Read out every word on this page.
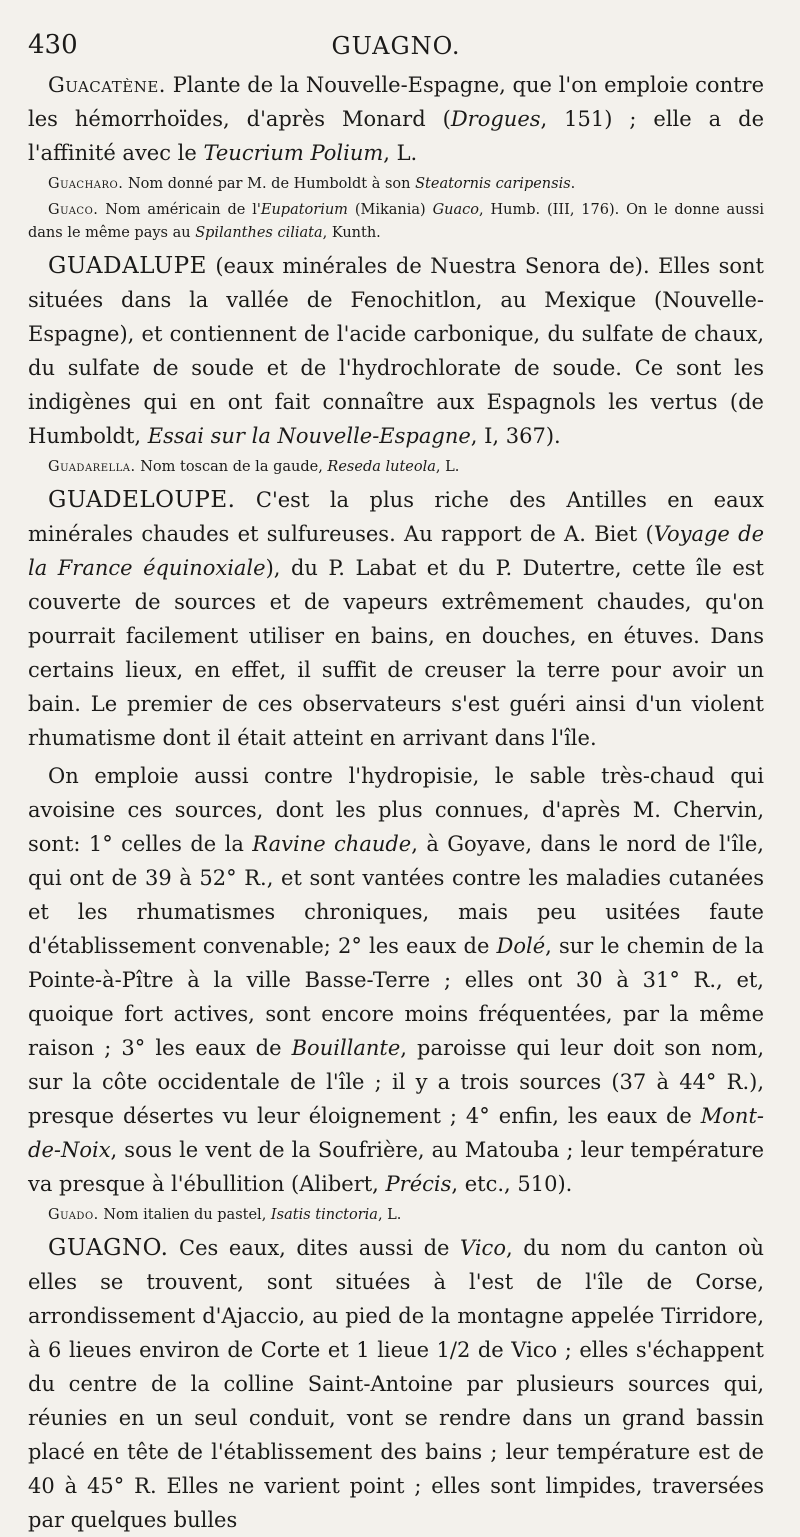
430	GUAGNO.

Guacatène. Plante de la Nouvelle-Espagne, que l'on emploie contre les hémorrhoïdes, d'après Monard (Drogues, 151) ; elle a de l'affinité avec le Teucrium Polium, L.

Guacharo. Nom donné par M. de Humboldt à son Steatornis caripensis.

Guaco. Nom américain de l'Eupatorium (Mikania) Guaco, Humb. (III, 176). On le donne aussi dans le même pays au Spilanthes ciliata, Kunth.

GUADALUPE (eaux minérales de Nuestra Senora de). Elles sont situées dans la vallée de Fenochitlon, au Mexique (Nouvelle-Espagne), et contiennent de l'acide carbonique, du sulfate de chaux, du sulfate de soude et de l'hydrochlorate de soude. Ce sont les indigènes qui en ont fait connaître aux Espagnols les vertus (de Humboldt, Essai sur la Nouvelle-Espagne, I, 367).

Guadarella. Nom toscan de la gaude, Reseda luteola, L.

GUADELOUPE. C'est la plus riche des Antilles en eaux minérales chaudes et sulfureuses. Au rapport de A. Biet (Voyage de la France équinoxiale), du P. Labat et du P. Dutertre, cette île est couverte de sources et de vapeurs extrêmement chaudes, qu'on pourrait facilement utiliser en bains, en douches, en étuves. Dans certains lieux, en effet, il suffit de creuser la terre pour avoir un bain. Le premier de ces observateurs s'est guéri ainsi d'un violent rhumatisme dont il était atteint en arrivant dans l'île.

On emploie aussi contre l'hydropisie, le sable très-chaud qui avoisine ces sources, dont les plus connues, d'après M. Chervin, sont: 1° celles de la Ravine chaude, à Goyave, dans le nord de l'île, qui ont de 39 à 52° R., et sont vantées contre les maladies cutanées et les rhumatismes chroniques, mais peu usitées faute d'établissement convenable; 2° les eaux de Dolé, sur le chemin de la Pointe-à-Pître à la ville Basse-Terre ; elles ont 30 à 31° R., et, quoique fort actives, sont encore moins fréquentées, par la même raison ; 3° les eaux de Bouillante, paroisse qui leur doit son nom, sur la côte occidentale de l'île ; il y a trois sources (37 à 44° R.), presque désertes vu leur éloignement ; 4° enfin, les eaux de Mont-de-Noix, sous le vent de la Soufrière, au Matouba ; leur température va presque à l'ébullition (Alibert, Précis, etc., 510).

Guado. Nom italien du pastel, Isatis tinctoria, L.

GUAGNO. Ces eaux, dites aussi de Vico, du nom du canton où elles se trouvent, sont situées à l'est de l'île de Corse, arrondissement d'Ajaccio, au pied de la montagne appelée Tirridore, à 6 lieues environ de Corte et 1 lieue 1/2 de Vico ; elles s'échappent du centre de la colline Saint-Antoine par plusieurs sources qui, réunies en un seul conduit, vont se rendre dans un grand bassin placé en tête de l'établissement des bains ; leur température est de 40 à 45° R. Elles ne varient point ; elles sont limpides, traversées par quelques bulles
